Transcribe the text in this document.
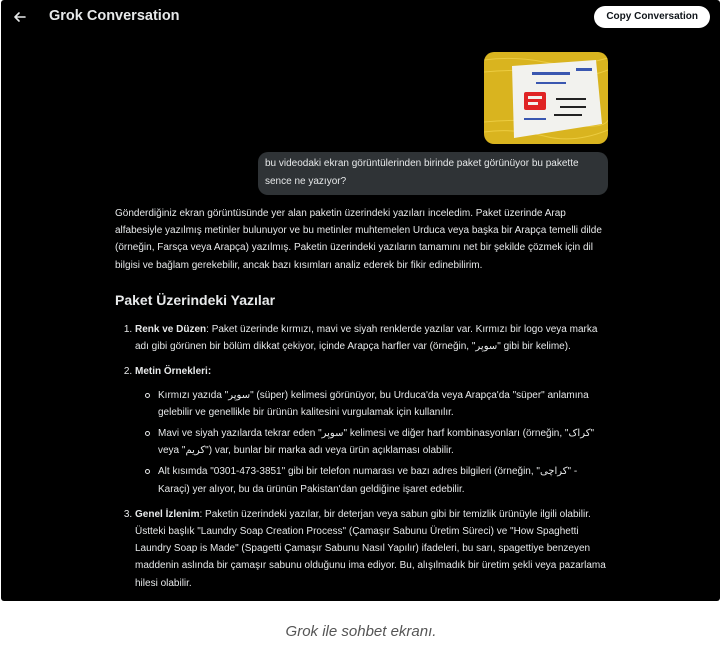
Grok Conversation	Copy Conversation
bu videodaki ekran görüntülerinden birinde paket görünüyor bu pakette sence ne yazıyor?

Gönderdiğiniz ekran görüntüsünde yer alan paketin üzerindeki yazıları inceledim. Paket üzerinde Arap alfabesiyle yazılmış metinler bulunuyor ve bu metinler muhtemelen Urduca veya başka bir Arapça temelli dilde (örneğin, Farsça veya Arapça) yazılmış. Paketin üzerindeki yazıların tamamını net bir şekilde çözmek için dil bilgisi ve bağlam gerekebilir, ancak bazı kısımları analiz ederek bir fikir edinebilirim.

Paket Üzerindeki Yazılar
1. Renk ve Düzen: Paket üzerinde kırmızı, mavi ve siyah renklerde yazılar var. Kırmızı bir logo veya marka adı gibi görünen bir bölüm dikkat çekiyor, içinde Arapça harfler var (örneğin, "سوپر" gibi bir kelime).
2. Metin Örnekleri:
Kırmızı yazıda "سوپر" (süper) kelimesi görünüyor, bu Urduca'da veya Arapça'da "süper" anlamına gelebilir ve genellikle bir ürünün kalitesini vurgulamak için kullanılır.
Mavi ve siyah yazılarda tekrar eden "سوپر" kelimesi ve diğer harf kombinasyonları (örneğin, "کراک" veya "کریم") var, bunlar bir marka adı veya ürün açıklaması olabilir.
Alt kısımda "0301-473-3851" gibi bir telefon numarası ve bazı adres bilgileri (örneğin, "کراچی" - Karaçi) yer alıyor, bu da ürünün Pakistan'dan geldiğine işaret edebilir.
3. Genel İzlenim: Paketin üzerindeki yazılar, bir deterjan veya sabun gibi bir temizlik ürünüyle ilgili olabilir. Üstteki başlık "Laundry Soap Creation Process" (Çamaşır Sabunu Üretim Süreci) ve "How Spaghetti Laundry Soap is Made" (Spagetti Çamaşır Sabunu Nasıl Yapılır) ifadeleri, bu sarı, spagettiye benzeyen maddenin aslında bir çamaşır sabunu olduğunu ima ediyor. Bu, alışılmadık bir üretim şekli veya pazarlama hilesi olabilir.
Grok ile sohbet ekranı.
